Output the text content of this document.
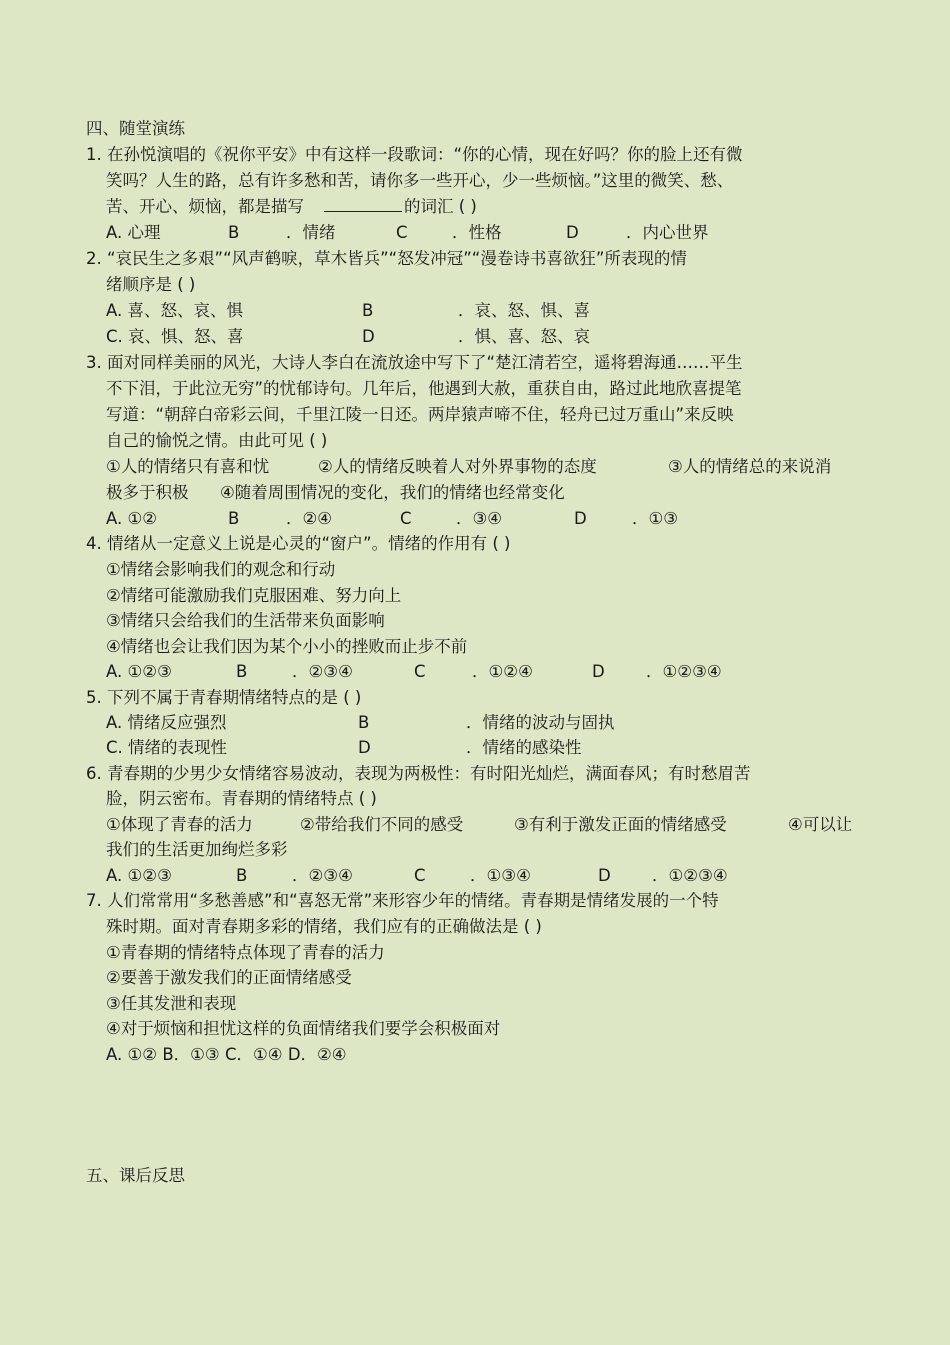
四、随堂演练
1. 在孙悦演唱的《祝你平安》中有这样一段歌词：“你的心情，现在好吗？你的脸上还有微
笑吗？人生的路，总有许多愁和苦，请你多一些开心，少一些烦恼。”这里的微笑、愁、
苦、开心、烦恼，都是描写	的词汇 ( )
A. 心理	B	．情绪	C	．性格	D	．内心世界
2. “哀民生之多艰”“风声鹤唳，草木皆兵”“怒发冲冠”“漫卷诗书喜欲狂”所表现的情
绪顺序是 ( )
A. 喜、怒、哀、惧	B	．哀、怒、惧、喜
C. 哀、惧、怒、喜	D	．惧、喜、怒、哀
3. 面对同样美丽的风光，大诗人李白在流放途中写下了“楚江清若空，遥将碧海通……平生
不下泪，于此泣无穷”的忧郁诗句。几年后，他遇到大赦，重获自由，路过此地欣喜提笔
写道：“朝辞白帝彩云间，千里江陵一日还。两岸猿声啼不住，轻舟已过万重山”来反映
自己的愉悦之情。由此可见 ( )
①人的情绪只有喜和忧	②人的情绪反映着人对外界事物的态度	③人的情绪总的来说消
极多于积极 ④随着周围情况的变化，我们的情绪也经常变化
A. ①②	B	．②④	C	．③④	D	．①③
4. 情绪从一定意义上说是心灵的“窗户”。情绪的作用有 ( )
①情绪会影响我们的观念和行动
②情绪可能激励我们克服困难、努力向上
③情绪只会给我们的生活带来负面影响
④情绪也会让我们因为某个小小的挫败而止步不前
A. ①②③	B	．②③④	C	．①②④	D	．①②③④
5. 下列不属于青春期情绪特点的是 ( )
A. 情绪反应强烈	B	．情绪的波动与固执
C. 情绪的表现性	D	．情绪的感染性
6. 青春期的少男少女情绪容易波动，表现为两极性：有时阳光灿烂，满面春风；有时愁眉苦
脸，阴云密布。青春期的情绪特点 ( )
①体现了青春的活力	②带给我们不同的感受	③有利于激发正面的情绪感受	④可以让
我们的生活更加绚烂多彩
A. ①②③	B	．②③④	C	．①③④	D	．①②③④
7. 人们常常用“多愁善感”和“喜怒无常”来形容少年的情绪。青春期是情绪发展的一个特
殊时期。面对青春期多彩的情绪，我们应有的正确做法是 ( )
①青春期的情绪特点体现了青春的活力
②要善于激发我们的正面情绪感受
③任其发泄和表现
④对于烦恼和担忧这样的负面情绪我们要学会积极面对
A. ①② B．①③ C．①④ D．②④
五、课后反思
